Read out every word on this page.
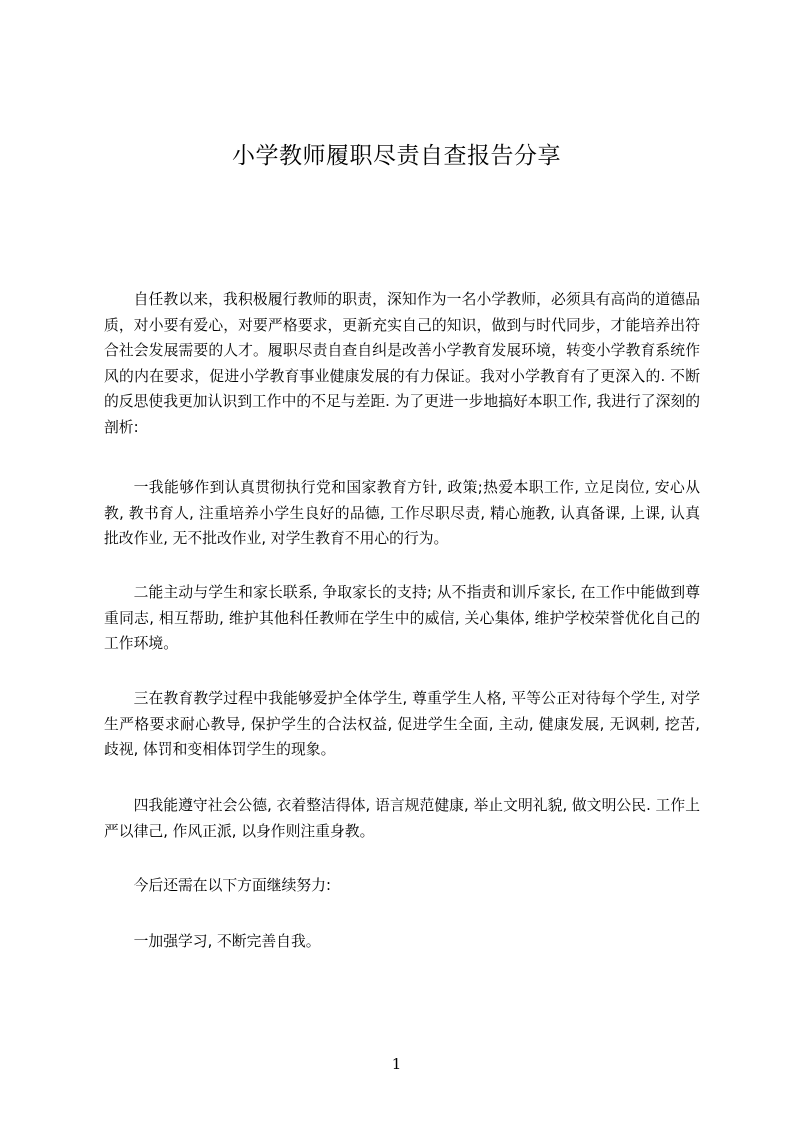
小学教师履职尽责自查报告分享

自任教以来，我积极履行教师的职责，深知作为一名小学教师，必须具有高尚的道德品质，对小要有爱心，对要严格要求，更新充实自己的知识，做到与时代同步，才能培养出符合社会发展需要的人才。履职尽责自查自纠是改善小学教育发展环境，转变小学教育系统作风的内在要求，促进小学教育事业健康发展的有力保证。我对小学教育有了更深入的. 不断的反思使我更加认识到工作中的不足与差距. 为了更进一步地搞好本职工作, 我进行了深刻的剖析:

一我能够作到认真贯彻执行党和国家教育方针, 政策;热爱本职工作, 立足岗位, 安心从教, 教书育人, 注重培养小学生良好的品德, 工作尽职尽责, 精心施教, 认真备课, 上课, 认真批改作业, 无不批改作业, 对学生教育不用心的行为。

二能主动与学生和家长联系, 争取家长的支持; 从不指责和训斥家长, 在工作中能做到尊重同志, 相互帮助, 维护其他科任教师在学生中的威信, 关心集体, 维护学校荣誉优化自己的工作环境。

三在教育教学过程中我能够爱护全体学生, 尊重学生人格, 平等公正对待每个学生, 对学生严格要求耐心教导, 保护学生的合法权益, 促进学生全面, 主动, 健康发展, 无讽刺, 挖苦, 歧视, 体罚和变相体罚学生的现象。

四我能遵守社会公德, 衣着整洁得体, 语言规范健康, 举止文明礼貌, 做文明公民. 工作上严以律己, 作风正派, 以身作则注重身教。

今后还需在以下方面继续努力:

一加强学习, 不断完善自我。

1
